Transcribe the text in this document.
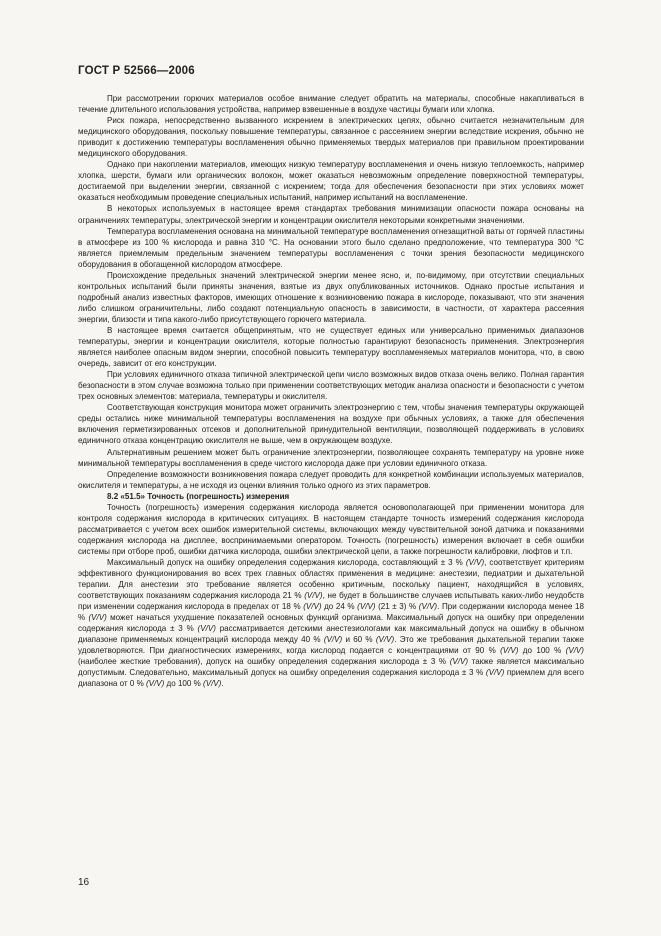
ГОСТ Р 52566—2006

При рассмотрении горючих материалов особое внимание следует обратить на материалы, способные накапливаться в течение длительного использования устройства, например взвешенные в воздухе частицы бумаги или хлопка.

Риск пожара, непосредственно вызванного искрением в электрических цепях, обычно считается незначительным для медицинского оборудования, поскольку повышение температуры, связанное с рассеянием энергии вследствие искрения, обычно не приводит к достижению температуры воспламенения обычно применяемых твердых материалов при правильном проектировании медицинского оборудования.

Однако при накоплении материалов, имеющих низкую температуру воспламенения и очень низкую теплоемкость, например хлопка, шерсти, бумаги или органических волокон, может оказаться невозможным определение поверхностной температуры, достигаемой при выделении энергии, связанной с искрением; тогда для обеспечения безопасности при этих условиях может оказаться необходимым проведение специальных испытаний, например испытаний на воспламенение.

В некоторых используемых в настоящее время стандартах требования минимизации опасности пожара основаны на ограничениях температуры, электрической энергии и концентрации окислителя некоторыми конкретными значениями.

Температура воспламенения основана на минимальной температуре воспламенения огнезащитной ваты от горячей пластины в атмосфере из 100 % кислорода и равна 310 °С. На основании этого было сделано предположение, что температура 300 °С является приемлемым предельным значением температуры воспламенения с точки зрения безопасности медицинского оборудования в обогащенной кислородом атмосфере.

Происхождение предельных значений электрической энергии менее ясно, и, по-видимому, при отсутствии специальных контрольных испытаний были приняты значения, взятые из двух опубликованных источников. Однако простые испытания и подробный анализ известных факторов, имеющих отношение к возникновению пожара в кислороде, показывают, что эти значения либо слишком ограничительны, либо создают потенциальную опасность в зависимости, в частности, от характера рассеяния энергии, близости и типа какого-либо присутствующего горючего материала.

В настоящее время считается общепринятым, что не существует единых или универсально применимых диапазонов температуры, энергии и концентрации окислителя, которые полностью гарантируют безопасность применения. Электроэнергия является наиболее опасным видом энергии, способной повысить температуру воспламеняемых материалов монитора, что, в свою очередь, зависит от его конструкции.

При условиях единичного отказа типичной электрической цепи число возможных видов отказа очень велико. Полная гарантия безопасности в этом случае возможна только при применении соответствующих методик анализа опасности и безопасности с учетом трех основных элементов: материала, температуры и окислителя.

Соответствующая конструкция монитора может ограничить электроэнергию с тем, чтобы значения температуры окружающей среды остались ниже минимальной температуры воспламенения на воздухе при обычных условиях, а также для обеспечения включения герметизированных отсеков и дополнительной принудительной вентиляции, позволяющей поддерживать в условиях единичного отказа концентрацию окислителя не выше, чем в окружающем воздухе.

Альтернативным решением может быть ограничение электроэнергии, позволяющее сохранять температуру на уровне ниже минимальной температуры воспламенения в среде чистого кислорода даже при условии единичного отказа.

Определение возможности возникновения пожара следует проводить для конкретной комбинации используемых материалов, окислителя и температуры, а не исходя из оценки влияния только одного из этих параметров.

8.2 «51.5» Точность (погрешность) измерения

Точность (погрешность) измерения содержания кислорода является основополагающей при применении монитора для контроля содержания кислорода в критических ситуациях. В настоящем стандарте точность измерений содержания кислорода рассматривается с учетом всех ошибок измерительной системы, включающих между чувствительной зоной датчика и показаниями содержания кислорода на дисплее, воспринимаемыми оператором. Точность (погрешность) измерения включает в себя ошибки системы при отборе проб, ошибки датчика кислорода, ошибки электрической цепи, а также погрешности калибровки, люфтов и т.п.

Максимальный допуск на ошибку определения содержания кислорода, составляющий ± 3 % (V/V), соответствует критериям эффективного функционирования во всех трех главных областях применения в медицине: анестезии, педиатрии и дыхательной терапии. Для анестезии это требование является особенно критичным, поскольку пациент, находящийся в условиях, соответствующих показаниям содержания кислорода 21 % (V/V), не будет в большинстве случаев испытывать каких-либо неудобств при изменении содержания кислорода в пределах от 18 % (V/V) до 24 % (V/V) (21 ± 3) % (V/V). При содержании кислорода менее 18 % (V/V) может начаться ухудшение показателей основных функций организма. Максимальный допуск на ошибку при определении содержания кислорода ± 3 % (V/V) рассматривается детскими анестезиологами как максимальный допуск на ошибку в обычном диапазоне применяемых концентраций кислорода между 40 % (V/V) и 60 % (V/V). Это же требования дыхательной терапии также удовлетворяются. При диагностических измерениях, когда кислород подается с концентрациями от 90 % (V/V) до 100 % (V/V) (наиболее жесткие требования), допуск на ошибку определения содержания кислорода ± 3 % (V/V) также является максимально допустимым. Следовательно, максимальный допуск на ошибку определения содержания кислорода ± 3 % (V/V) приемлем для всего диапазона от 0 % (V/V) до 100 % (V/V).

16
